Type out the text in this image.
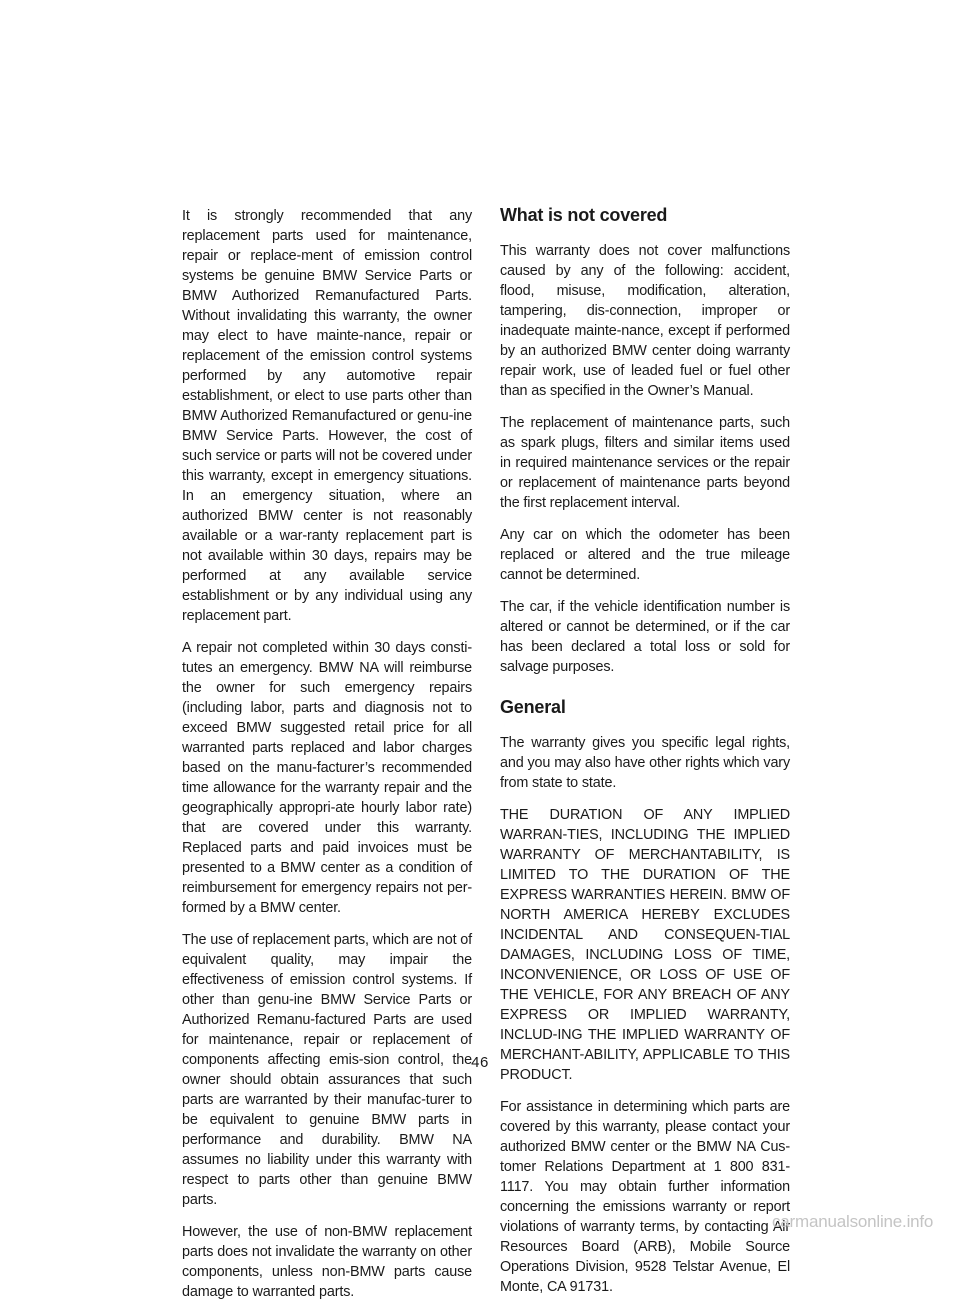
It is strongly recommended that any replacement parts used for maintenance, repair or replace-ment of emission control systems be genuine BMW Service Parts or BMW Authorized Remanufactured Parts. Without invalidating this warranty, the owner may elect to have mainte-nance, repair or replacement of the emission control systems performed by any automotive repair establishment, or elect to use parts other than BMW Authorized Remanufactured or genu-ine BMW Service Parts. However, the cost of such service or parts will not be covered under this warranty, except in emergency situations. In an emergency situation, where an authorized BMW center is not reasonably available or a war-ranty replacement part is not available within 30 days, repairs may be performed at any available service establishment or by any individual using any replacement part.

A repair not completed within 30 days consti-tutes an emergency. BMW NA will reimburse the owner for such emergency repairs (including labor, parts and diagnosis not to exceed BMW suggested retail price for all warranted parts replaced and labor charges based on the manu-facturer’s recommended time allowance for the warranty repair and the geographically appropri-ate hourly labor rate) that are covered under this warranty. Replaced parts and paid invoices must be presented to a BMW center as a condition of reimbursement for emergency repairs not per-formed by a BMW center.

The use of replacement parts, which are not of equivalent quality, may impair the effectiveness of emission control systems. If other than genu-ine BMW Service Parts or Authorized Remanu-factured Parts are used for maintenance, repair or replacement of components affecting emis-sion control, the owner should obtain assurances that such parts are warranted by their manufac-turer to be equivalent to genuine BMW parts in performance and durability. BMW NA assumes no liability under this warranty with respect to parts other than genuine BMW parts.

However, the use of non-BMW replacement parts does not invalidate the warranty on other components, unless non-BMW parts cause damage to warranted parts.

What is not covered

This warranty does not cover malfunctions caused by any of the following: accident, flood, misuse, modification, alteration, tampering, dis-connection, improper or inadequate mainte-nance, except if performed by an authorized BMW center doing warranty repair work, use of leaded fuel or fuel other than as specified in the Owner’s Manual.

The replacement of maintenance parts, such as spark plugs, filters and similar items used in required maintenance services or the repair or replacement of maintenance parts beyond the first replacement interval.

Any car on which the odometer has been replaced or altered and the true mileage cannot be determined.

The car, if the vehicle identification number is altered or cannot be determined, or if the car has been declared a total loss or sold for salvage purposes.

General

The warranty gives you specific legal rights, and you may also have other rights which vary from state to state.

THE DURATION OF ANY IMPLIED WARRAN-TIES, INCLUDING THE IMPLIED WARRANTY OF MERCHANTABILITY, IS LIMITED TO THE DURATION OF THE EXPRESS WARRANTIES HEREIN. BMW OF NORTH AMERICA HEREBY EXCLUDES INCIDENTAL AND CONSEQUEN-TIAL DAMAGES, INCLUDING LOSS OF TIME, INCONVENIENCE, OR LOSS OF USE OF THE VEHICLE, FOR ANY BREACH OF ANY EXPRESS OR IMPLIED WARRANTY, INCLUD-ING THE IMPLIED WARRANTY OF MERCHANT-ABILITY, APPLICABLE TO THIS PRODUCT.

For assistance in determining which parts are covered by this warranty, please contact your authorized BMW center or the BMW NA Cus-tomer Relations Department at 1 800 831-1117. You may obtain further information concerning the emissions warranty or report violations of warranty terms, by contacting Air Resources Board (ARB), Mobile Source Operations Division, 9528 Telstar Avenue, El Monte, CA 91731.

46
carmanualsonline.info
